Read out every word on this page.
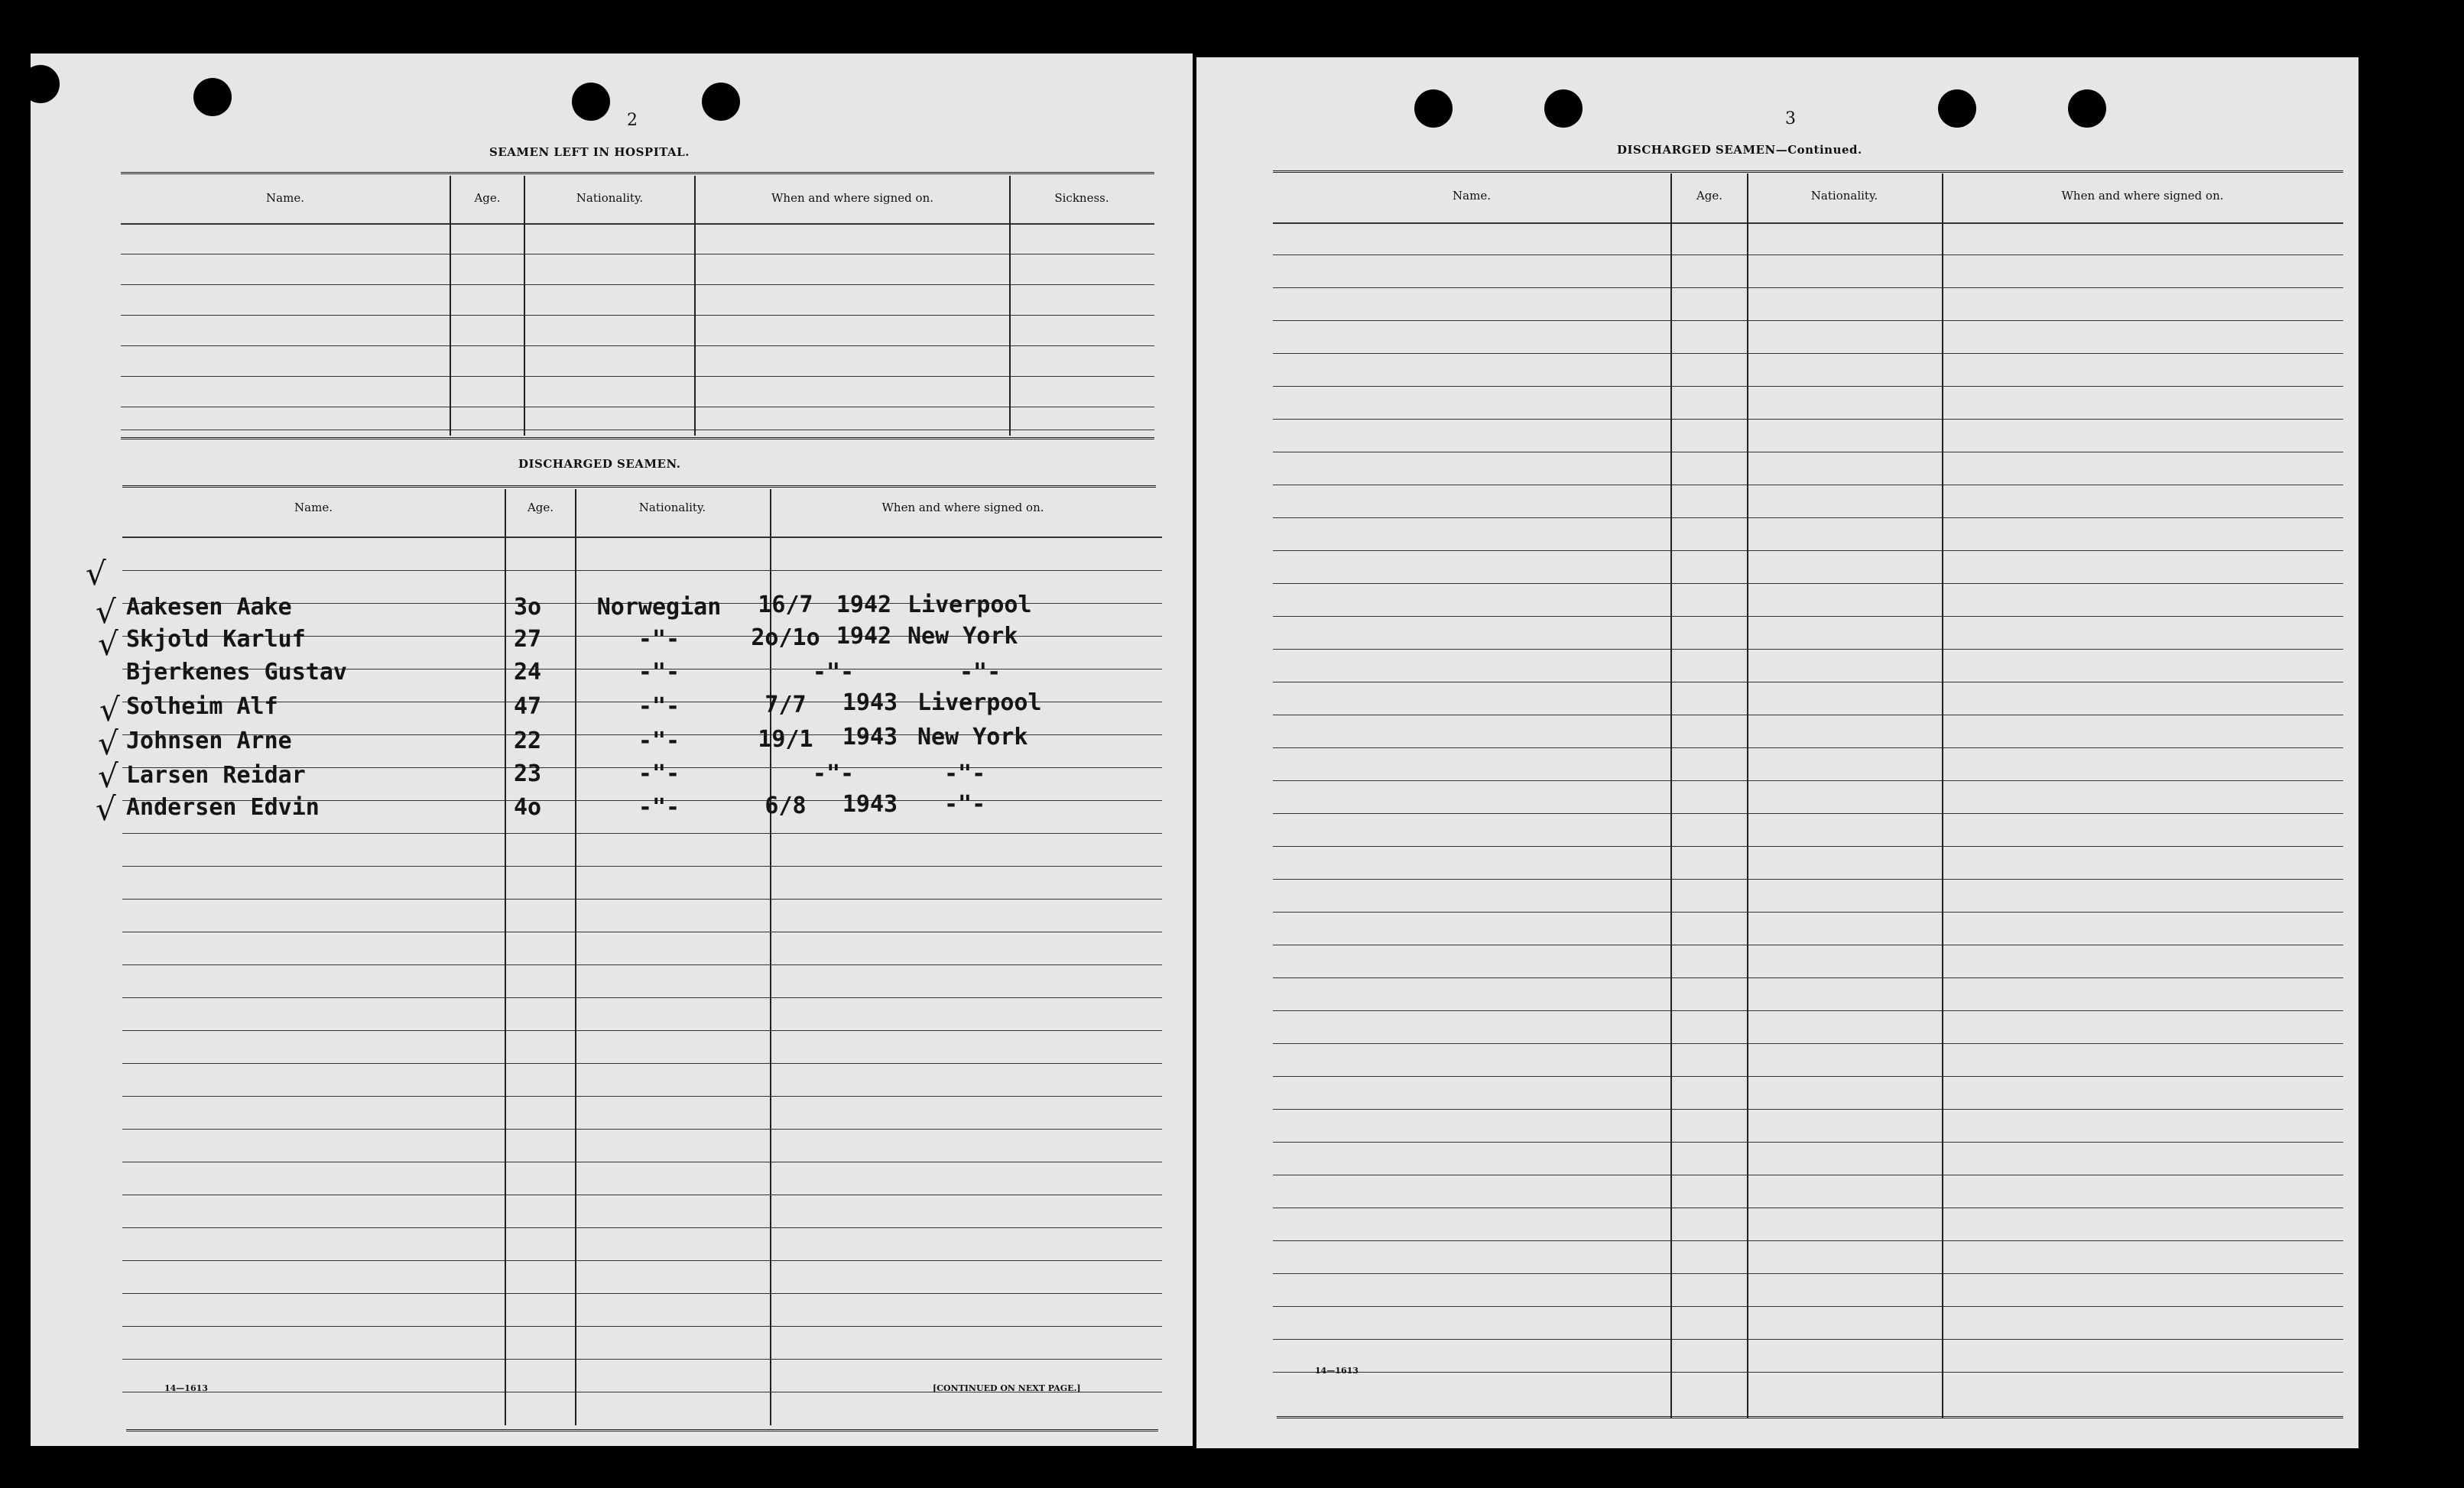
2
SEAMEN LEFT IN HOSPITAL.
Name.	Age.	Nationality.	When and where signed on.	Sickness.
DISCHARGED SEAMEN.
Name.	Age.	Nationality.	When and where signed on.
√
Aakesen Aake	3o	Norwegian	16/7	1942 Liverpool
√
Skjold Karluf	27	-"-	2o/1o 1942 New York
√
Bjerkenes Gustav	24	-"-	-"-	-"-
√ Solheim Alf	47	-"-	7/7	1943 Liverpool
√ Johnsen Arne	22	-"-	19/1	1943 New York
√ Larsen Reidar	23	-"-	-"-	-"-
√ Andersen Edvin	4o	-"-	6/8	1943	-"-
14—1613	[CONTINUED ON NEXT PAGE.]
3
DISCHARGED SEAMEN—Continued.
Name.	Age.	Nationality.	When and where signed on.
14—1613
